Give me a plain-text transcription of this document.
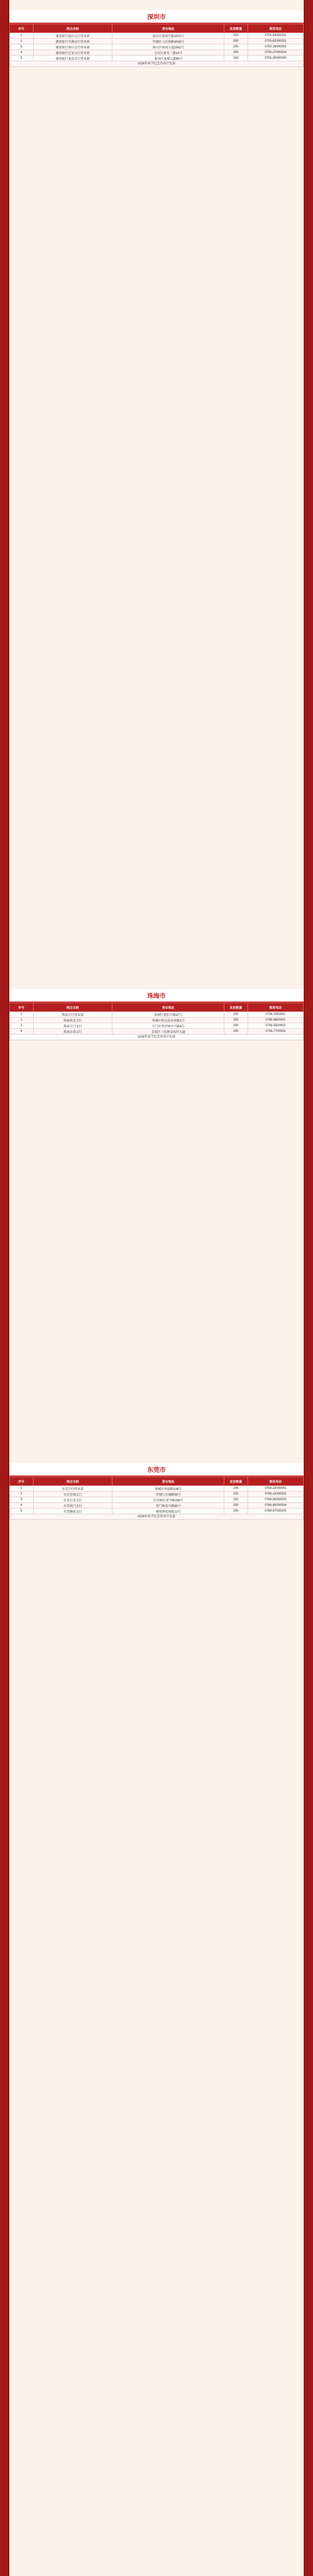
深圳市
序号	网点名称	营业地址	发放数量	联系电话
1	建设银行福田支行营业部	福田区深南中路2003号	200	0755-83000001
2	建设银行罗湖支行营业部	罗湖区人民南路3008号	200	0755-82000002
3	建设银行南山支行营业部	南山区南海大道2062号	200	0755-26000003
4	建设银行宝安支行营业部	宝安区新安二路14号	200	0755-27000004
5	建设银行龙岗支行营业部	龙岗区龙城大道99号	200	0755-28000005
2026年春节纪念币共计发放				
珠海市
序号	网点名称	营业地址	发放数量	联系电话
1	珠海分行营业部	香洲区情侣中路47号	200	0756-2000001
2	珠海拱北支行	香洲区拱北迎宾南路1号	200	0756-8800002
3	珠海斗门支行	斗门区井岸镇中兴路8号	200	0756-5500003
4	珠海金湾支行	金湾区三灶镇金海岸大道	200	0756-7700004
2026年春节纪念币共计发放				
东莞市
序号	网点名称	营业地址	发放数量	联系电话
1	东莞分行营业部	南城区鸿福路106号	200	0769-22000001
2	东莞莞城支行	莞城区东城路58号	200	0769-22000002
3	东莞长安支行	长安镇长安中路268号	200	0769-85000003
4	东莞虎门支行	虎门镇连升路88号	200	0769-85000004
5	东莞塘厦支行	塘厦镇花园街12号	200	0769-87000005
2026年春节纪念币共计发放				
